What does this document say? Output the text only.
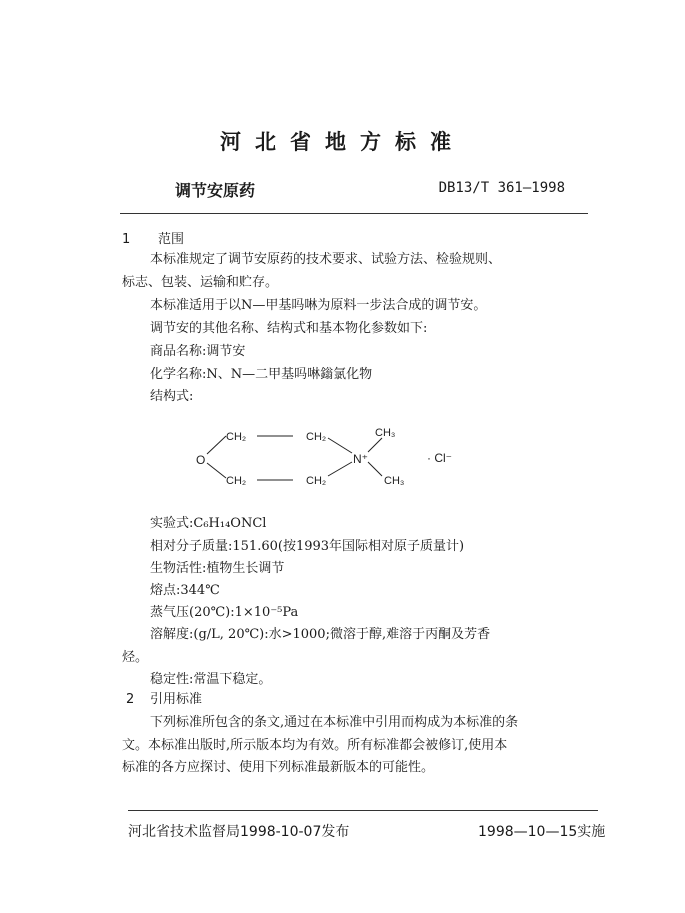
河北省地方标准
调节安原药	DB13/T 361—1998
1 范围
本标准规定了调节安原药的技术要求、试验方法、检验规则、
标志、包装、运输和贮存。
本标准适用于以N—甲基吗啉为原料一步法合成的调节安。
调节安的其他名称、结构式和基本物化参数如下:
商品名称:调节安
化学名称:N、N—二甲基吗啉鎓氯化物
结构式:
O
CH₂
CH₂
CH₂
CH₂
N⁺
CH₃
CH₃
· Cl⁻
实验式:C₆H₁₄ONCl
相对分子质量:151.60(按1993年国际相对原子质量计)
生物活性:植物生长调节
熔点:344℃
蒸气压(20℃):1×10⁻⁵Pa
溶解度:(g/L, 20℃):水>1000;微溶于醇,难溶于丙酮及芳香
烃。
稳定性:常温下稳定。
2 引用标准
下列标准所包含的条文,通过在本标准中引用而构成为本标准的条
文。本标准出版时,所示版本均为有效。所有标准都会被修订,使用本
标准的各方应探讨、使用下列标准最新版本的可能性。
河北省技术监督局1998-10-07发布	1998—10—15实施
